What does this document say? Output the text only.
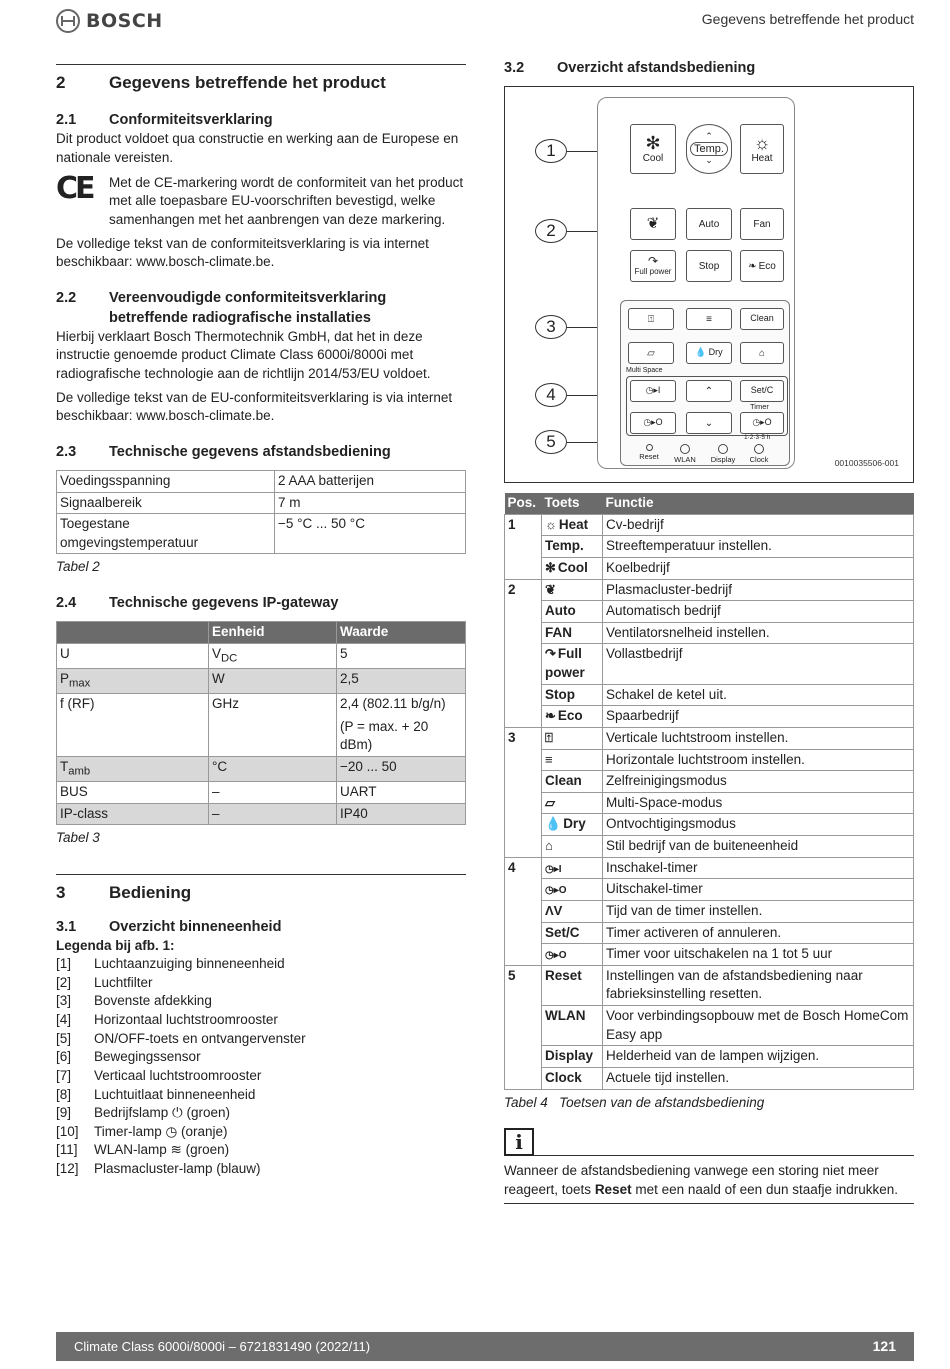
BOSCH	Gegevens betreffende het product
2	Gegevens betreffende het product
2.1	Conformiteitsverklaring

Dit product voldoet qua constructie en werking aan de Europese en nationale vereisten.

CE	Met de CE-markering wordt de conformiteit van het product met alle toepasbare EU-voorschriften bevestigd, welke samenhangen met het aanbrengen van deze markering.

De volledige tekst van de conformiteitsverklaring is via internet beschikbaar: www.bosch-climate.be.

2.2	Vereenvoudigde conformiteitsverklaring betreffende radiografische installaties

Hierbij verklaart Bosch Thermotechnik GmbH, dat het in deze instructie genoemde product Climate Class 6000i/8000i met radiografische technologie aan de richtlijn 2014/53/EU voldoet.

De volledige tekst van de EU-conformiteitsverklaring is via internet beschikbaar: www.bosch-climate.be.

2.3	Technische gegevens afstandsbediening
Voedingsspanning	2 AAA batterijen
Signaalbereik	7 m
Toegestane omgevingstemperatuur	−5 °C ... 50 °C
Tabel 2
2.4	Technische gegevens IP-gateway
	Eenheid	Waarde
U	$V_{DC}$	5
$P_{max}$	W	2,5
f (RF)	GHz	2,4 (802.11 b/g/n)
(P = max. + 20 dBm)

$T_{amb}$	°C	−20 ... 50
BUS	–	UART
IP-class	–	IP40
Tabel 3
3	Bediening
3.1	Overzicht binneneenheid
Legenda bij afb. 1:
[1]	Luchtaanzuiging binneneenheid
[2]	Luchtfilter
[3]	Bovenste afdekking
[4]	Horizontaal luchtstroomrooster
[5]	ON/OFF-toets en ontvangervenster
[6]	Bewegingssensor
[7]	Verticaal luchtstroomrooster
[8]	Luchtuitlaat binneneenheid
[9]	Bedrijfslamp ⏻ (groen)
[10]	Timer-lamp ◷ (oranje)
[11]	WLAN-lamp ≋ (groen)
[12]	Plasmacluster-lamp (blauw)
3.2	Overzicht afstandsbediening
1
2
3
4
5
✻
Cool
⌃
Temp.
⌄
☼
Heat
❦	Auto	Fan
↷
Full power
Stop	❧ Eco
⍐	≡	Clean
▱
Multi Space
💧 Dry	⌂
◷▸I	⌃	Set/C
Timer
◷▸O	⌄	◷▸O
1·2·3·5 h
Reset	WLAN	Display	Clock	0010035506-001
Pos.	Toets	Functie
1	☼ Heat	Cv-bedrijf
	Temp.	Streeftemperatuur instellen.
	✻ Cool	Koelbedrijf
2	❦	Plasmacluster-bedrijf
	Auto	Automatisch bedrijf
	FAN	Ventilatorsnelheid instellen.
	↷ Full power	Vollastbedrijf
	Stop	Schakel de ketel uit.
	❧ Eco	Spaarbedrijf
3	⍐	Verticale luchtstroom instellen.
	≡	Horizontale luchtstroom instellen.
	Clean	Zelfreinigingsmodus
	▱	Multi-Space-modus
	💧 Dry	Ontvochtigingsmodus
	⌂	Stil bedrijf van de buiteneenheid
4	◷▸I	Inschakel-timer
	◷▸O	Uitschakel-timer
	ΛV	Tijd van de timer instellen.
	Set/C	Timer activeren of annuleren.
	◷▸O	Timer voor uitschakelen na 1 tot 5 uur
5	Reset	Instellingen van de afstandsbediening naar fabrieksinstelling resetten.
	WLAN	Voor verbindingsopbouw met de Bosch HomeCom Easy app
	Display	Helderheid van de lampen wijzigen.
	Clock	Actuele tijd instellen.
Tabel 4 Toetsen van de afstandsbediening
i

Wanneer de afstandsbediening vanwege een storing niet meer reageert, toets Reset met een naald of een dun staafje indrukken.

Climate Class 6000i/8000i – 6721831490 (2022/11)	121
